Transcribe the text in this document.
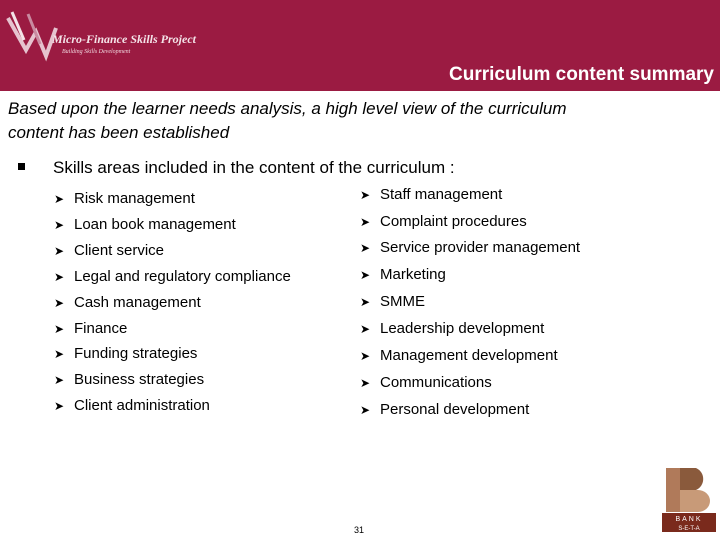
Micro-Finance Skills Project
Building Skills Development
Curriculum content summary
Based upon the learner needs analysis, a high level view of the curriculum
content has been established
Skills areas included in the content of the curriculum :
➤ Risk management
➤ Loan book management
➤ Client service
➤ Legal and regulatory compliance
➤ Cash management
➤ Finance
➤ Funding strategies
➤ Business strategies
➤ Client administration
➤ Staff management
➤ Complaint procedures
➤ Service provider management
➤ Marketing
➤ SMME
➤ Leadership development
➤ Management development
➤ Communications
➤ Personal development
31
BANK
S-E-T-A
